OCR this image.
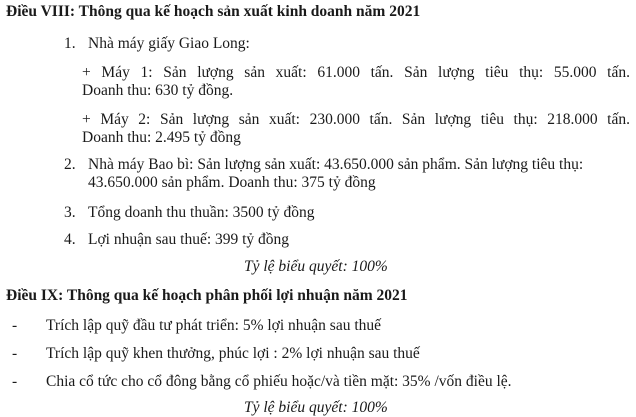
Điều VIII: Thông qua kế hoạch sản xuất kinh doanh năm 2021
1. Nhà máy giấy Giao Long:
+ Máy 1: Sản lượng sản xuất: 61.000 tấn. Sản lượng tiêu thụ: 55.000 tấn.
Doanh thu: 630 tỷ đồng.
+ Máy 2: Sản lượng sản xuất: 230.000 tấn. Sản lượng tiêu thụ: 218.000 tấn.
Doanh thu: 2.495 tỷ đồng
2. Nhà máy Bao bì: Sản lượng sản xuất: 43.650.000 sản phẩm. Sản lượng tiêu thụ:
43.650.000 sản phẩm. Doanh thu: 375 tỷ đồng
3. Tổng doanh thu thuần: 3500 tỷ đồng
4. Lợi nhuận sau thuế: 399 tỷ đồng
Tỷ lệ biểu quyết: 100%
Điều IX: Thông qua kế hoạch phân phối lợi nhuận năm 2021
- Trích lập quỹ đầu tư phát triển: 5% lợi nhuận sau thuế
- Trích lập quỹ khen thưởng, phúc lợi : 2% lợi nhuận sau thuế
- Chia cổ tức cho cổ đông bằng cổ phiếu hoặc/và tiền mặt: 35% /vốn điều lệ.
Tỷ lệ biểu quyết: 100%
